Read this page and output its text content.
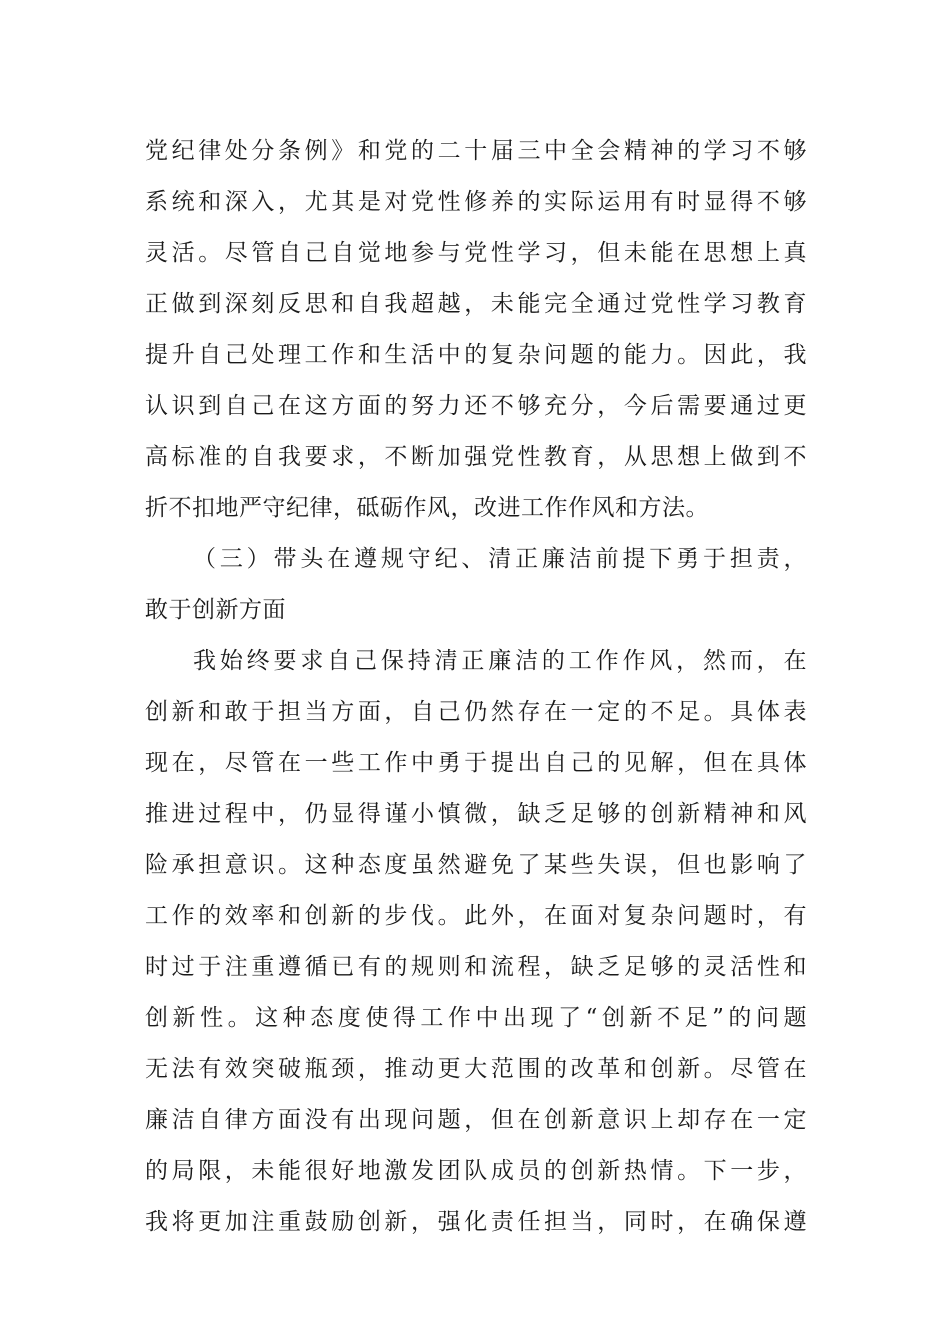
党纪律处分条例》和党的二十届三中全会精神的学习不够
系统和深入，尤其是对党性修养的实际运用有时显得不够
灵活。尽管自己自觉地参与党性学习，但未能在思想上真
正做到深刻反思和自我超越，未能完全通过党性学习教育
提升自己处理工作和生活中的复杂问题的能力。因此，我
认识到自己在这方面的努力还不够充分，今后需要通过更
高标准的自我要求，不断加强党性教育，从思想上做到不
折不扣地严守纪律，砥砺作风，改进工作作风和方法。
（三）带头在遵规守纪、清正廉洁前提下勇于担责，
敢于创新方面
我始终要求自己保持清正廉洁的工作作风，然而，在
创新和敢于担当方面，自己仍然存在一定的不足。具体表
现在，尽管在一些工作中勇于提出自己的见解，但在具体
推进过程中，仍显得谨小慎微，缺乏足够的创新精神和风
险承担意识。这种态度虽然避免了某些失误，但也影响了
工作的效率和创新的步伐。此外，在面对复杂问题时，有
时过于注重遵循已有的规则和流程，缺乏足够的灵活性和
创新性。这种态度使得工作中出现了“创新不足”的问题
无法有效突破瓶颈，推动更大范围的改革和创新。尽管在
廉洁自律方面没有出现问题，但在创新意识上却存在一定
的局限，未能很好地激发团队成员的创新热情。下一步，
我将更加注重鼓励创新，强化责任担当，同时，在确保遵
